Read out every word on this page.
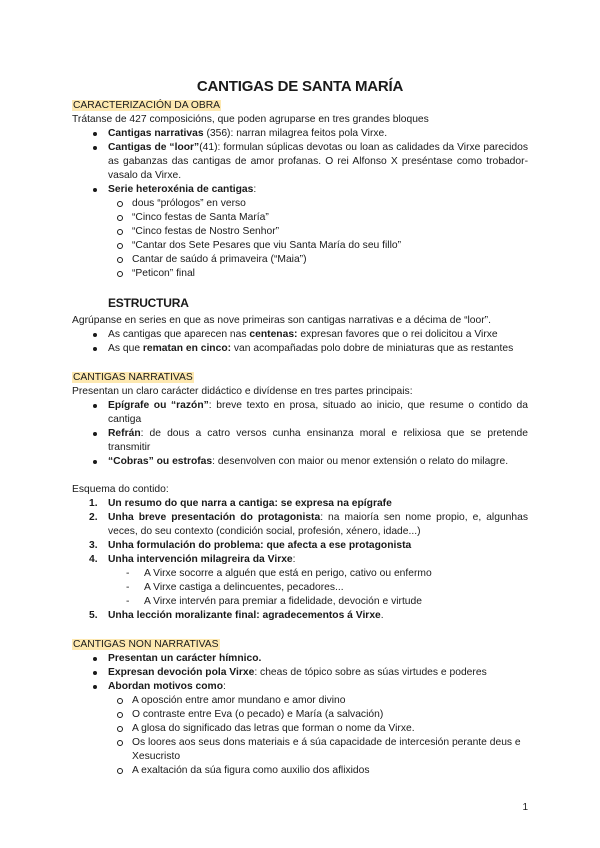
CANTIGAS DE SANTA MARÍA

CARACTERIZACIÓN DA OBRA

Trátanse de 427 composicións, que poden agruparse en tres grandes bloques

Cantigas narrativas (356): narran milagrea feitos pola Virxe.
Cantigas de “loor”(41): formulan súplicas devotas ou loan as calidades da Virxe parecidos as gabanzas das cantigas de amor profanas. O rei Alfonso X preséntase como trobador-vasalo da Virxe.
Serie heteroxénia de cantigas:
dous “prólogos” en verso
“Cinco festas de Santa María”
“Cinco festas de Nostro Senhor”
“Cantar dos Sete Pesares que viu Santa María do seu fillo”
Cantar de saúdo á primaveira (“Maia”)
“Peticon” final
ESTRUCTURA

Agrúpanse en series en que as nove primeiras son cantigas narrativas e a décima de “loor”.

As cantigas que aparecen nas centenas: expresan favores que o rei dolicitou a Virxe
As que rematan en cinco: van acompañadas polo dobre de miniaturas que as restantes

CANTIGAS NARRATIVAS

Presentan un claro carácter didáctico e divídense en tres partes principais:

Epígrafe ou “razón”: breve texto en prosa, situado ao inicio, que resume o contido da cantiga
Refrán: de dous a catro versos cunha ensinanza moral e relixiosa que se pretende transmitir
“Cobras” ou estrofas: desenvolven con maior ou menor extensión o relato do milagre.

Esquema do contido:

1. Un resumo do que narra a cantiga: se expresa na epígrafe
2. Unha breve presentación do protagonista: na maioría sen nome propio, e, algunhas veces, do seu contexto (condición social, profesión, xénero, idade...)
3. Unha formulación do problema: que afecta a ese protagonista
4. Unha intervención milagreira da Virxe:
- A Virxe socorre a alguén que está en perigo, cativo ou enfermo
- A Virxe castiga a delincuentes, pecadores...
- A Virxe intervén para premiar a fidelidade, devoción e virtude
5. Unha lección moralizante final: agradecementos á Virxe.

CANTIGAS NON NARRATIVAS

Presentan un carácter hímnico.
Expresan devoción pola Virxe: cheas de tópico sobre as súas virtudes e poderes
Abordan motivos como:
A oposción entre amor mundano e amor divino
O contraste entre Eva (o pecado) e María (a salvación)
A glosa do significado das letras que forman o nome da Virxe.
Os loores aos seus dons materiais e á súa capacidade de intercesión perante deus e Xesucristo
A exaltación da súa figura como auxilio dos aflixidos
1
